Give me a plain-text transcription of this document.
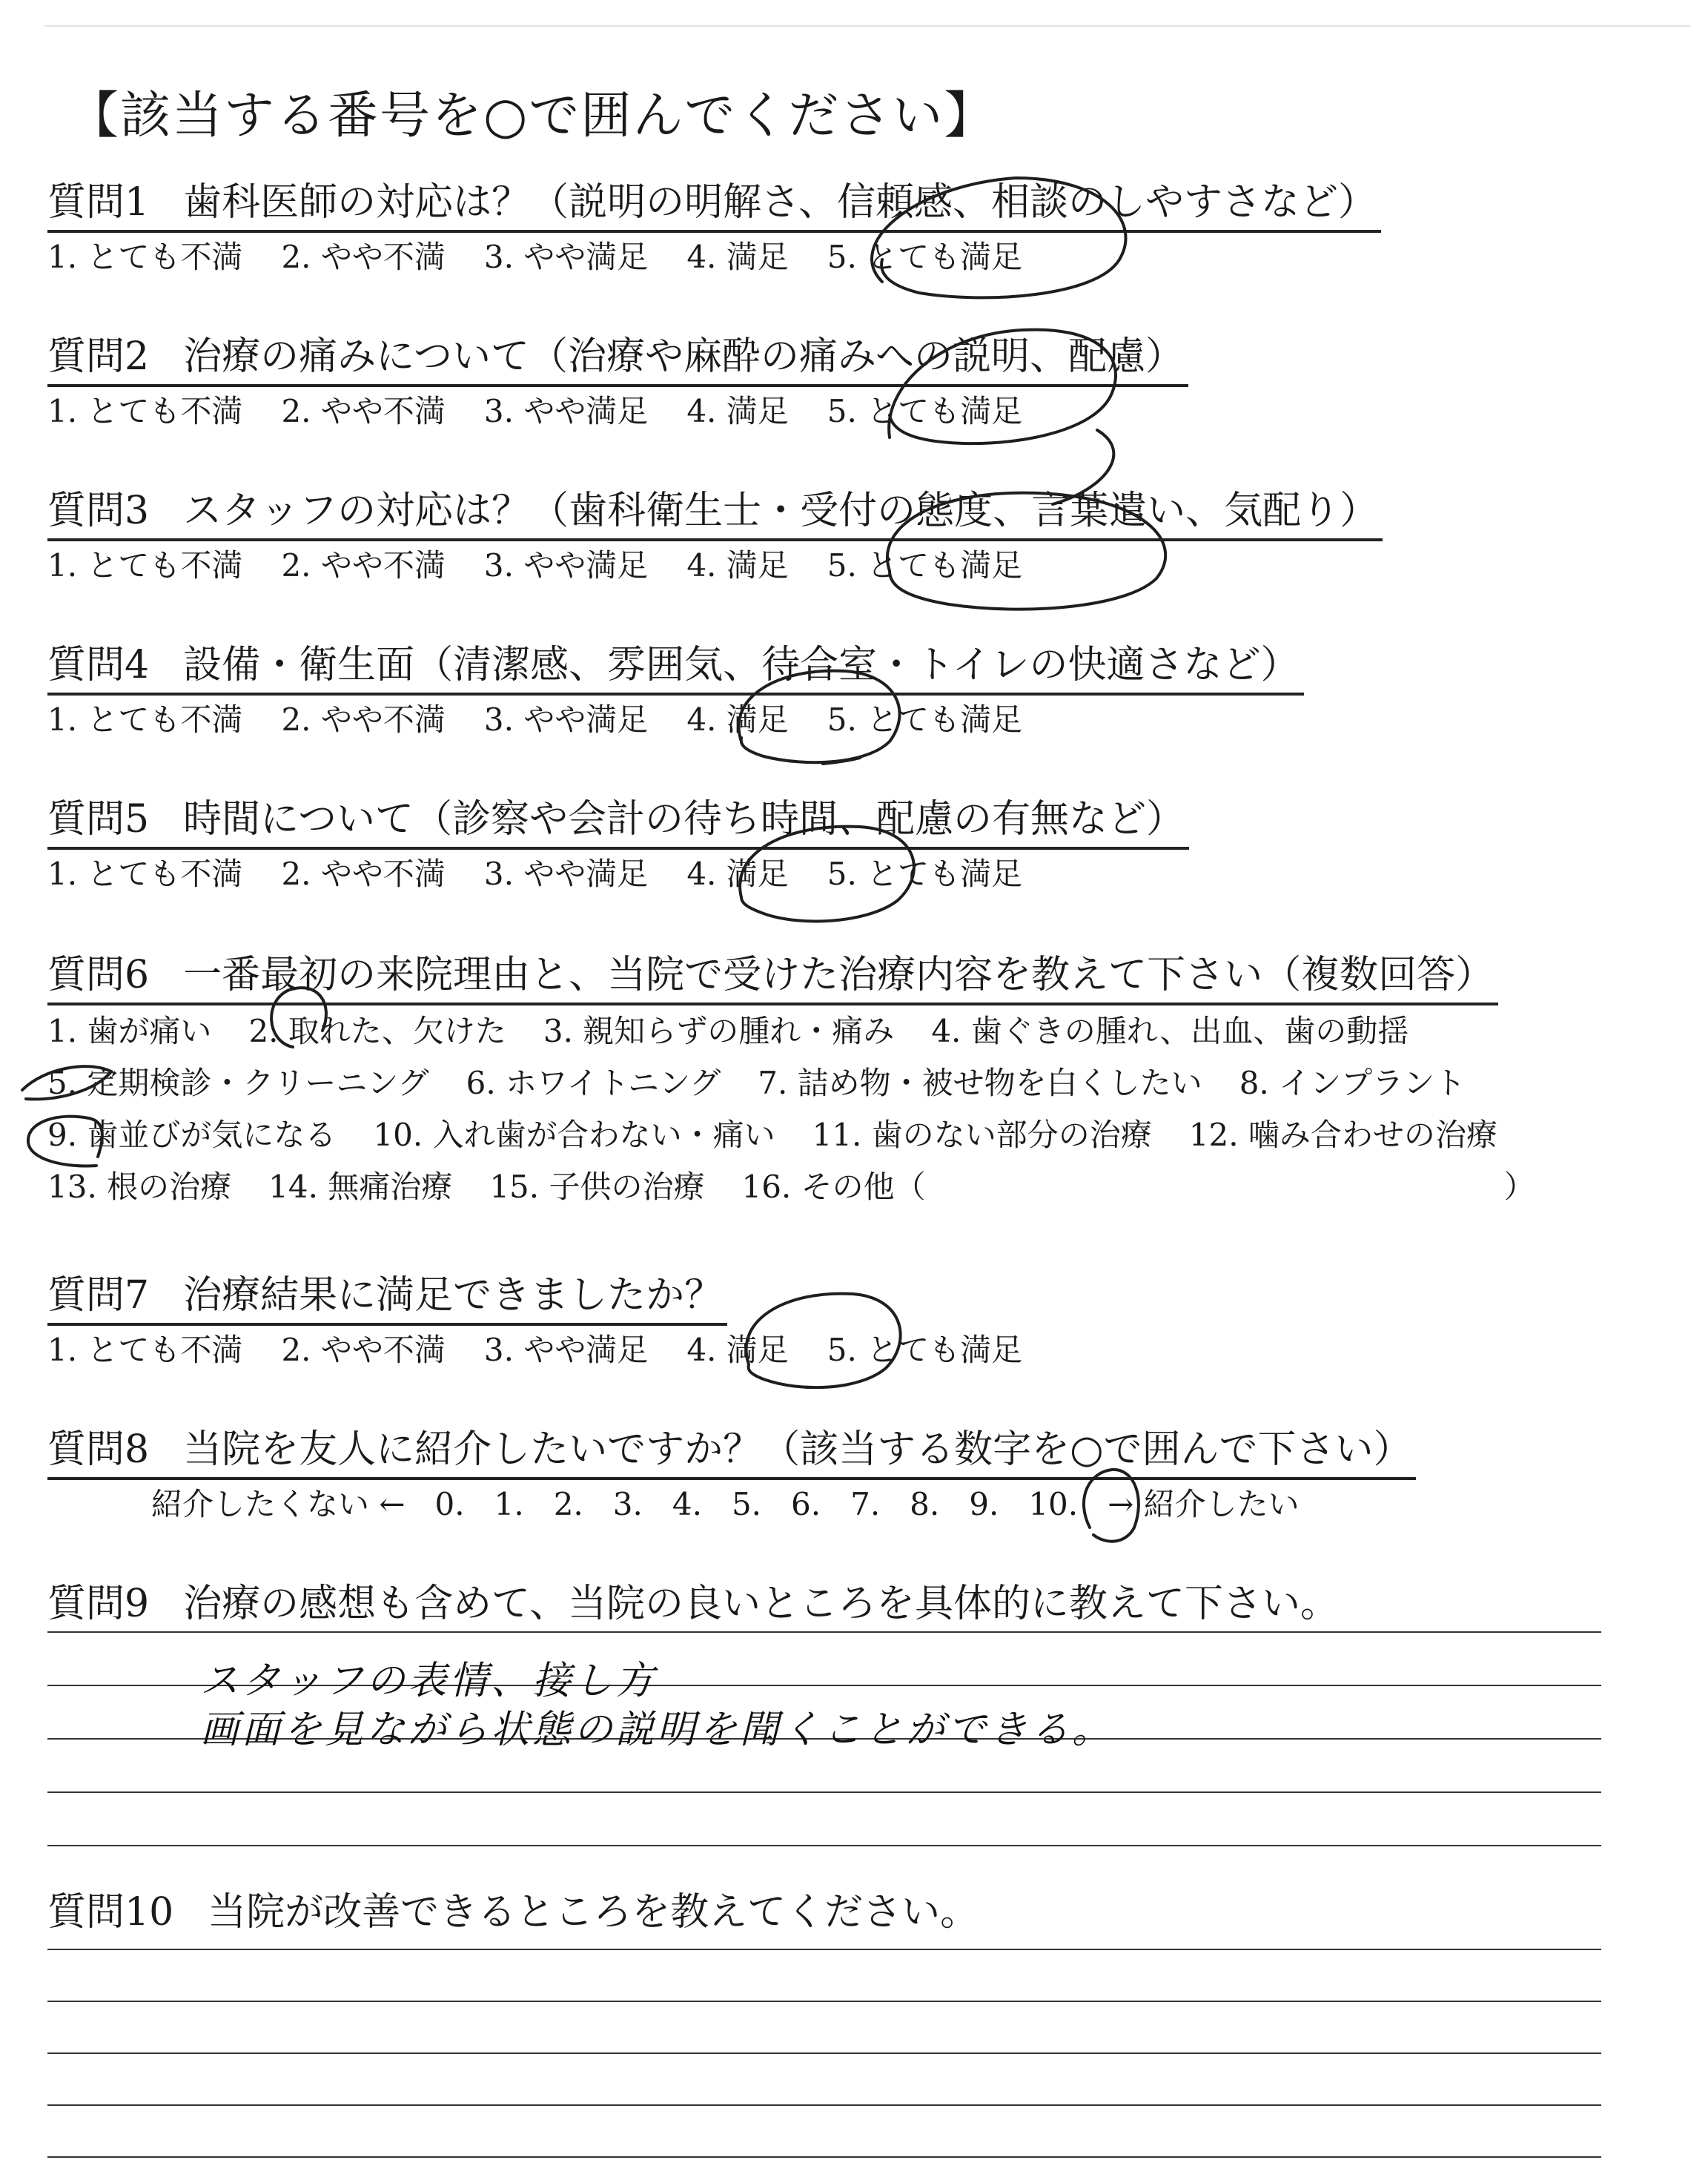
【該当する番号を○で囲んでください】
質問1 歯科医師の対応は？（説明の明解さ、信頼感、相談のしやすさなど）
1. とても不満 2. やや不満 3. やや満足 4. 満足 5. とても満足
質問2 治療の痛みについて（治療や麻酔の痛みへの説明、配慮）
1. とても不満 2. やや不満 3. やや満足 4. 満足 5. とても満足
質問3 スタッフの対応は？（歯科衛生士・受付の態度、言葉遣い、気配り）
1. とても不満 2. やや不満 3. やや満足 4. 満足 5. とても満足
質問4 設備・衛生面（清潔感、雰囲気、待合室・トイレの快適さなど）
1. とても不満 2. やや不満 3. やや満足 4. 満足 5. とても満足
質問5 時間について（診察や会計の待ち時間、配慮の有無など）
1. とても不満 2. やや不満 3. やや満足 4. 満足 5. とても満足
質問6 一番最初の来院理由と、当院で受けた治療内容を教えて下さい（複数回答）
1. 歯が痛い 2. 取れた、欠けた 3. 親知らずの腫れ・痛み 4. 歯ぐきの腫れ、出血、歯の動揺
5. 定期検診・クリーニング 6. ホワイトニング 7. 詰め物・被せ物を白くしたい 8. インプラント
9. 歯並びが気になる 10. 入れ歯が合わない・痛い 11. 歯のない部分の治療 12. 噛み合わせの治療
13. 根の治療 14. 無痛治療 15. 子供の治療 16. その他（	）
質問7 治療結果に満足できましたか？
1. とても不満 2. やや不満 3. やや満足 4. 満足 5. とても満足
質問8 当院を友人に紹介したいですか？（該当する数字を○で囲んで下さい）
紹介したくない ← 0. 1. 2. 3. 4. 5. 6. 7. 8. 9. 10. → 紹介したい
質問9 治療の感想も含めて、当院の良いところを具体的に教えて下さい。
スタッフの表情、接し方
画面を見ながら状態の説明を聞くことができる。
質問10 当院が改善できるところを教えてください。
